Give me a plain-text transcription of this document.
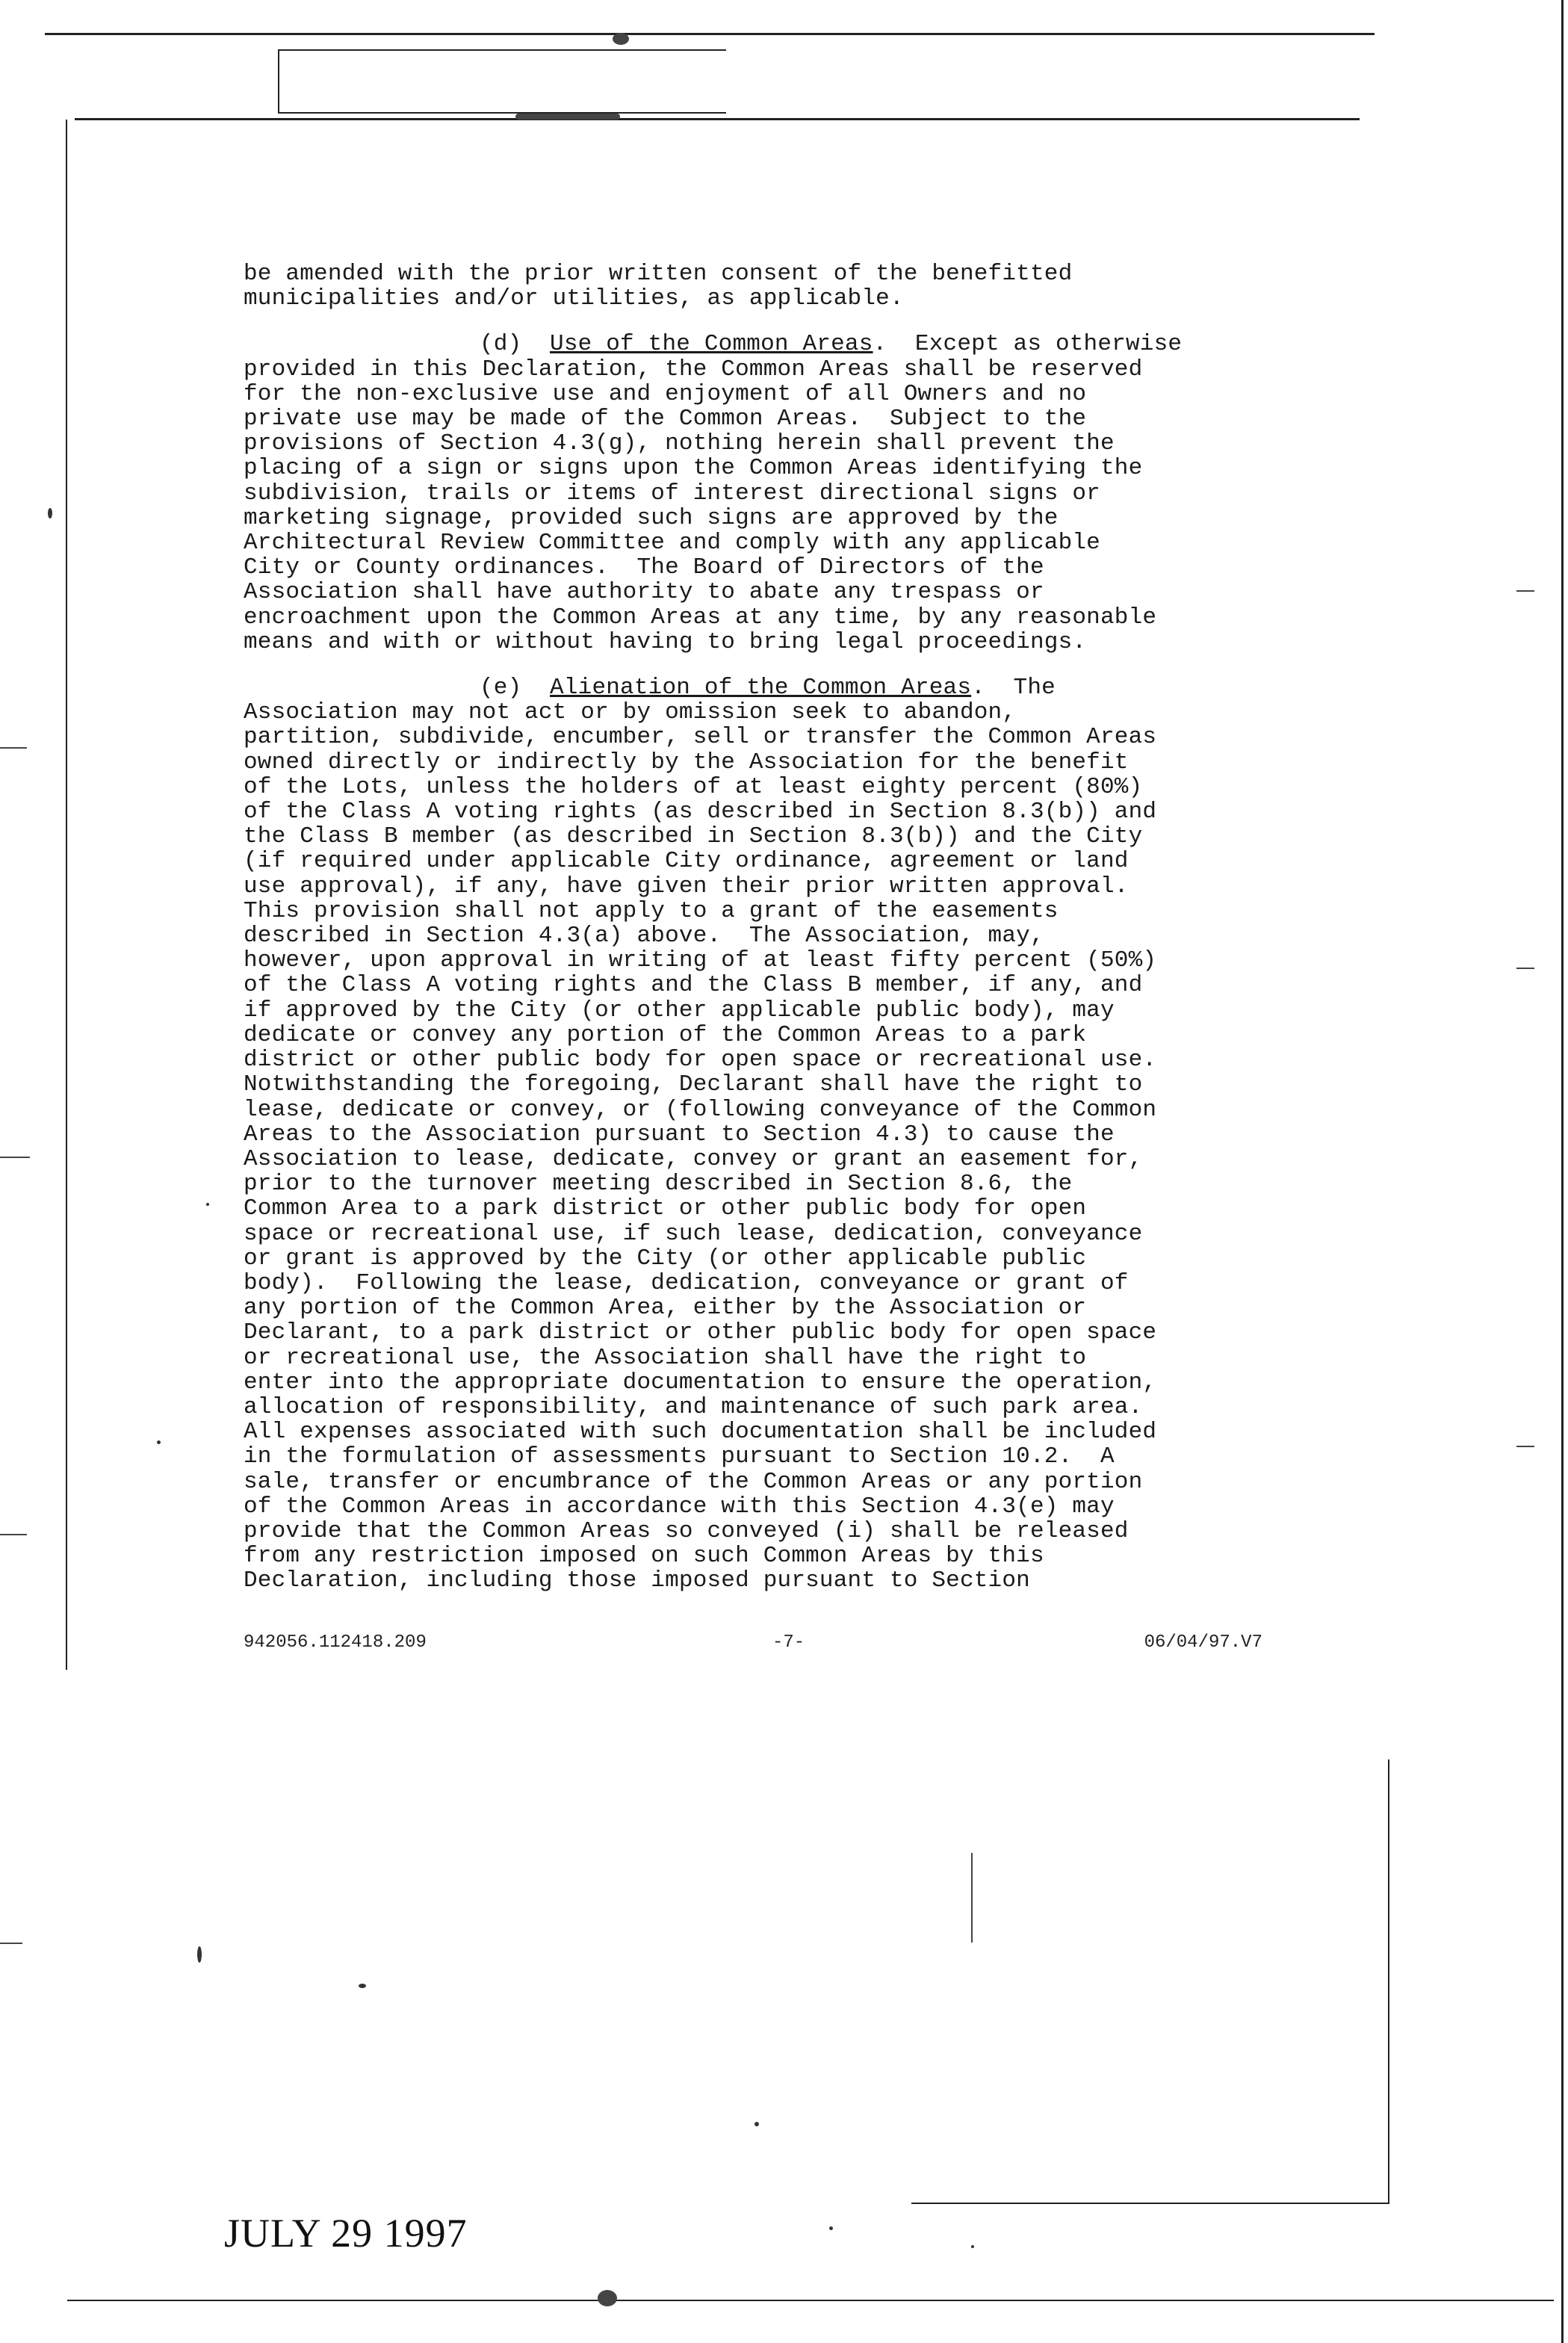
be amended with the prior written consent of the benefitted
municipalities and/or utilities, as applicable.
(d) Use of the Common Areas.  Except as otherwise
provided in this Declaration, the Common Areas shall be reserved
for the non-exclusive use and enjoyment of all Owners and no
private use may be made of the Common Areas.  Subject to the
provisions of Section 4.3(g), nothing herein shall prevent the
placing of a sign or signs upon the Common Areas identifying the
subdivision, trails or items of interest directional signs or
marketing signage, provided such signs are approved by the
Architectural Review Committee and comply with any applicable
City or County ordinances.  The Board of Directors of the
Association shall have authority to abate any trespass or
encroachment upon the Common Areas at any time, by any reasonable
means and with or without having to bring legal proceedings.
(e) Alienation of the Common Areas.  The
Association may not act or by omission seek to abandon,
partition, subdivide, encumber, sell or transfer the Common Areas
owned directly or indirectly by the Association for the benefit
of the Lots, unless the holders of at least eighty percent (80%)
of the Class A voting rights (as described in Section 8.3(b)) and
the Class B member (as described in Section 8.3(b)) and the City
(if required under applicable City ordinance, agreement or land
use approval), if any, have given their prior written approval.
This provision shall not apply to a grant of the easements
described in Section 4.3(a) above.  The Association, may,
however, upon approval in writing of at least fifty percent (50%)
of the Class A voting rights and the Class B member, if any, and
if approved by the City (or other applicable public body), may
dedicate or convey any portion of the Common Areas to a park
district or other public body for open space or recreational use.
Notwithstanding the foregoing, Declarant shall have the right to
lease, dedicate or convey, or (following conveyance of the Common
Areas to the Association pursuant to Section 4.3) to cause the
Association to lease, dedicate, convey or grant an easement for,
prior to the turnover meeting described in Section 8.6, the
Common Area to a park district or other public body for open
space or recreational use, if such lease, dedication, conveyance
or grant is approved by the City (or other applicable public
body).  Following the lease, dedication, conveyance or grant of
any portion of the Common Area, either by the Association or
Declarant, to a park district or other public body for open space
or recreational use, the Association shall have the right to
enter into the appropriate documentation to ensure the operation,
allocation of responsibility, and maintenance of such park area.
All expenses associated with such documentation shall be included
in the formulation of assessments pursuant to Section 10.2.  A
sale, transfer or encumbrance of the Common Areas or any portion
of the Common Areas in accordance with this Section 4.3(e) may
provide that the Common Areas so conveyed (i) shall be released
from any restriction imposed on such Common Areas by this
Declaration, including those imposed pursuant to Section
942056.112418.209	-7-	06/04/97.V7
JULY 29 1997
